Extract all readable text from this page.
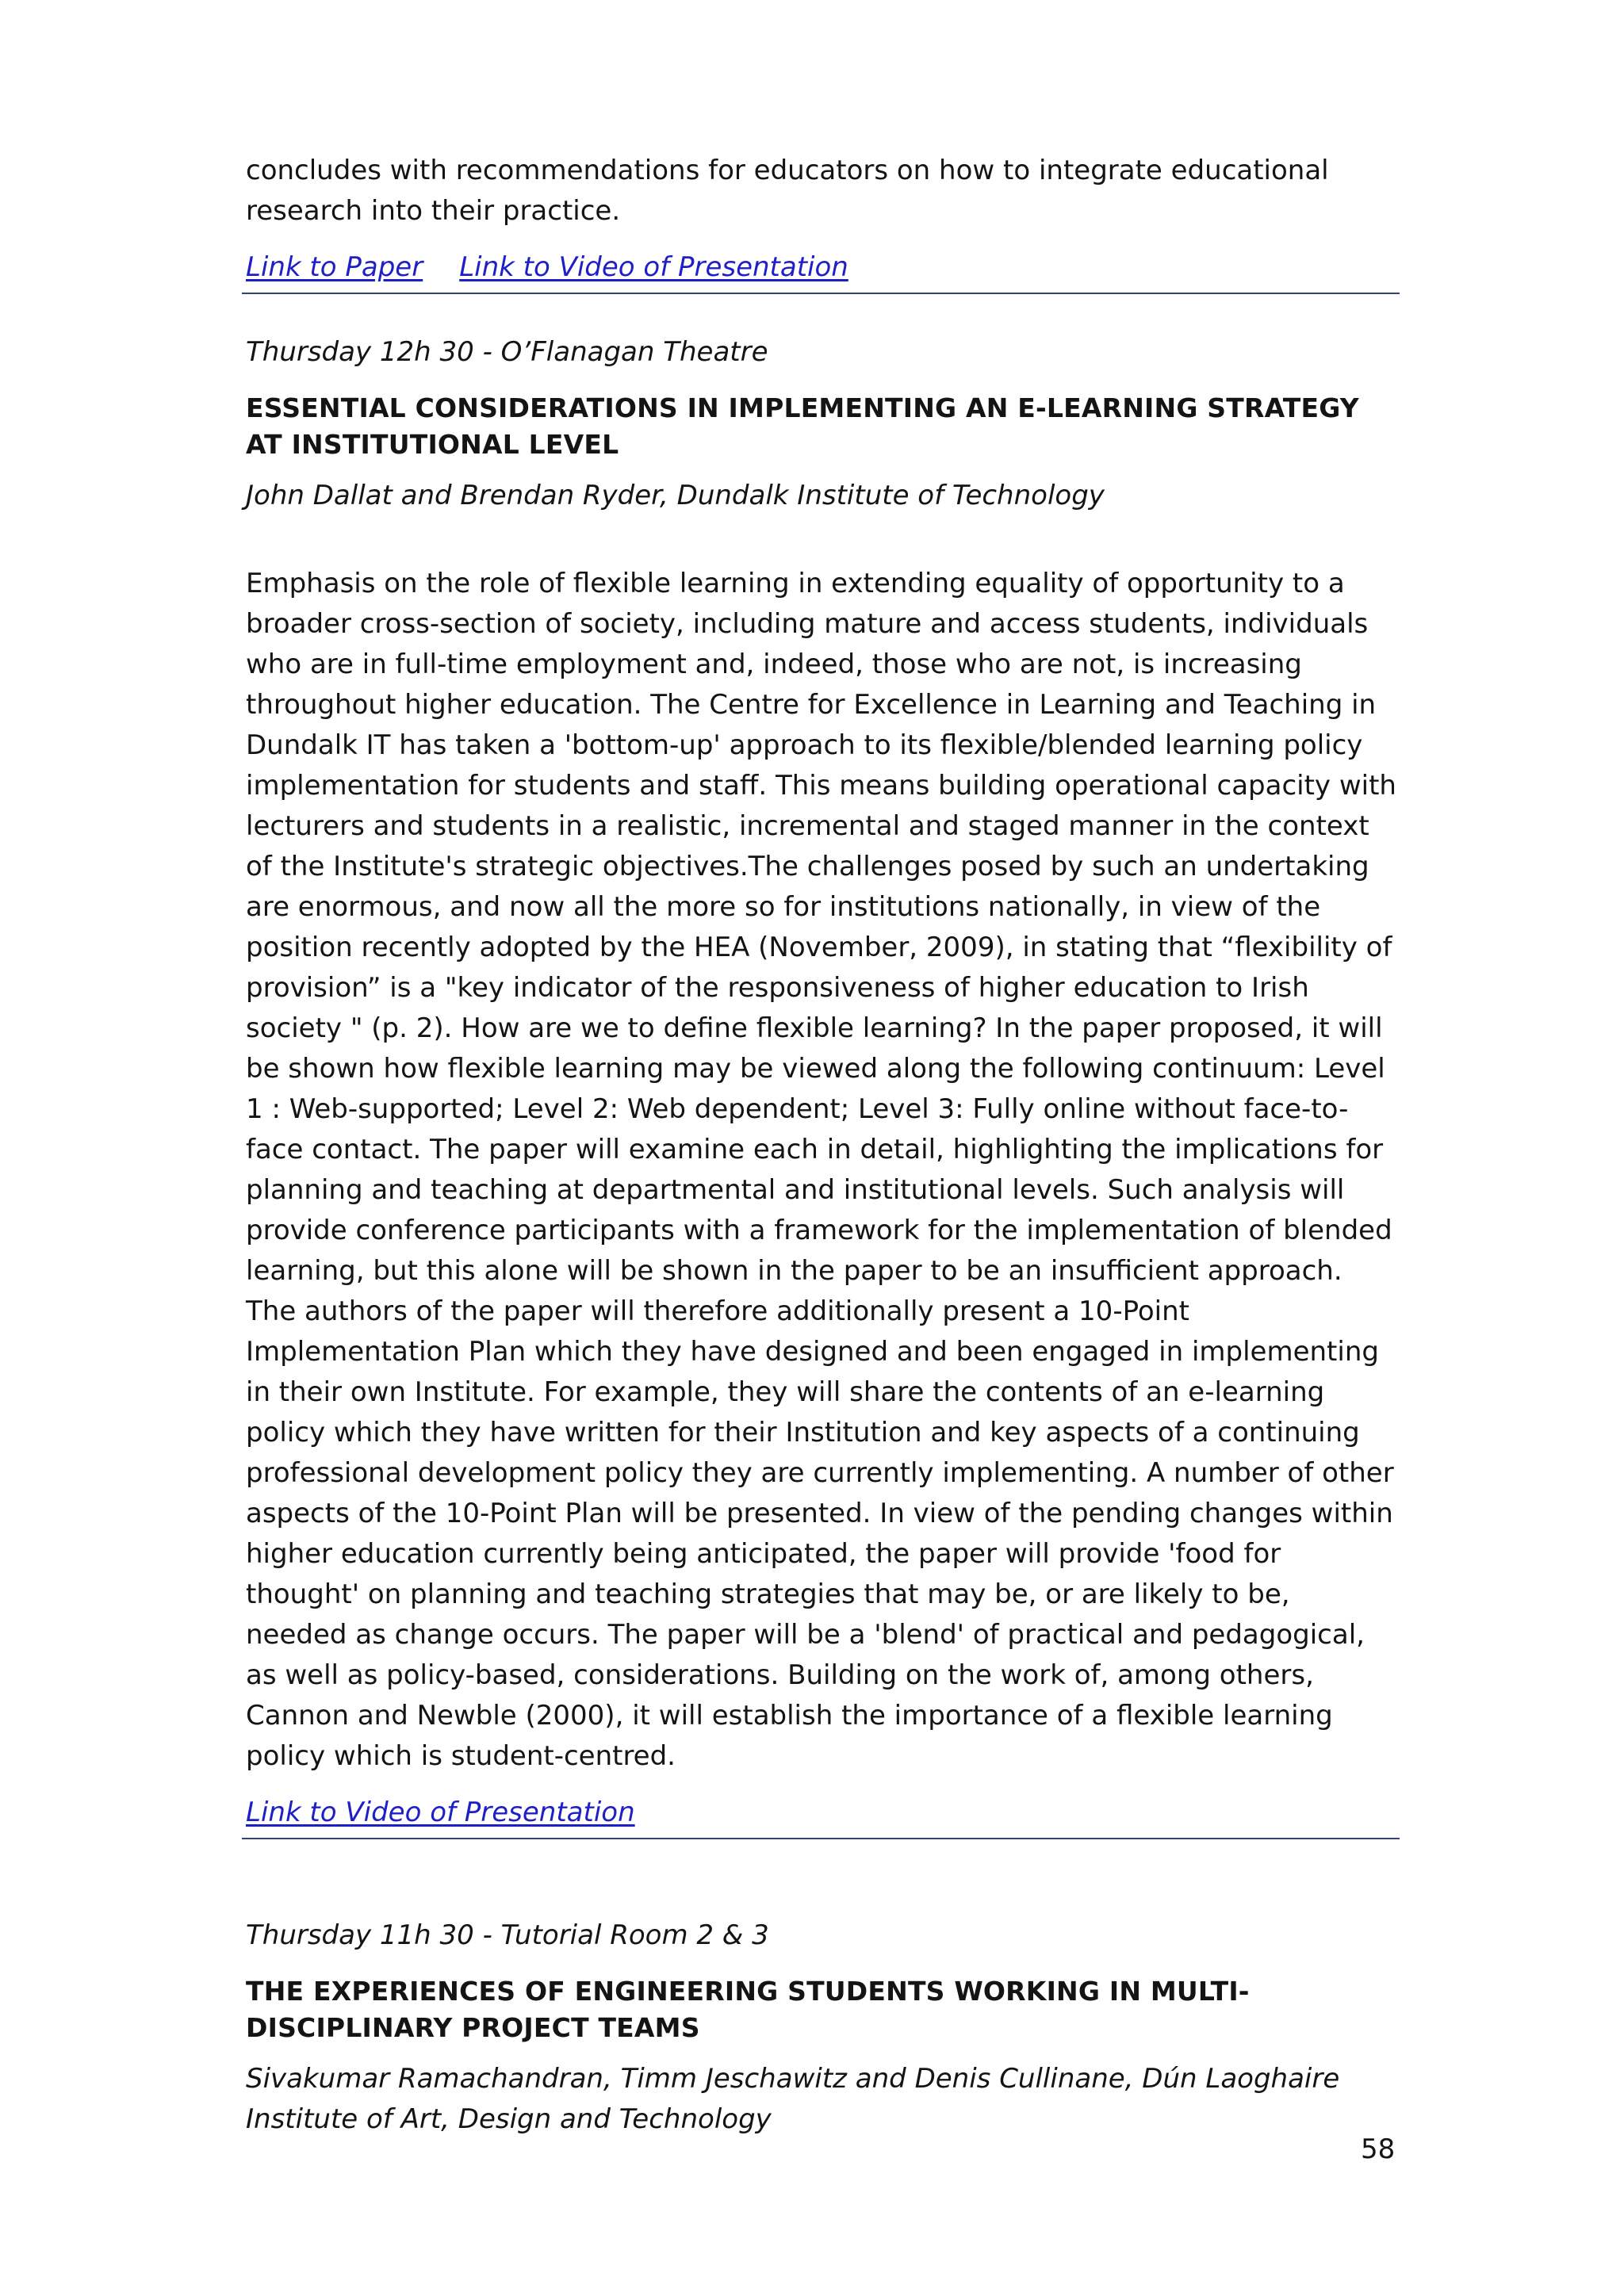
concludes with recommendations for educators on how to integrate educational research into their practice.

Link to Paper Link to Video of Presentation

Thursday 12h 30 - O’Flanagan Theatre

ESSENTIAL CONSIDERATIONS IN IMPLEMENTING AN E-LEARNING STRATEGY AT INSTITUTIONAL LEVEL

John Dallat and Brendan Ryder, Dundalk Institute of Technology

Emphasis on the role of flexible learning in extending equality of opportunity to a broader cross-section of society, including mature and access students, individuals who are in full-time employment and, indeed, those who are not, is increasing throughout higher education. The Centre for Excellence in Learning and Teaching in Dundalk IT has taken a 'bottom-up' approach to its flexible/blended learning policy implementation for students and staff. This means building operational capacity with lecturers and students in a realistic, incremental and staged manner in the context of the Institute's strategic objectives.The challenges posed by such an undertaking are enormous, and now all the more so for institutions nationally, in view of the position recently adopted by the HEA (November, 2009), in stating that “flexibility of provision” is a "key indicator of the responsiveness of higher education to Irish society " (p. 2). How are we to define flexible learning? In the paper proposed, it will be shown how flexible learning may be viewed along the following continuum: Level 1 : Web-supported; Level 2: Web dependent; Level 3: Fully online without face-to-face contact. The paper will examine each in detail, highlighting the implications for planning and teaching at departmental and institutional levels. Such analysis will provide conference participants with a framework for the implementation of blended learning, but this alone will be shown in the paper to be an insufficient approach. The authors of the paper will therefore additionally present a 10-Point Implementation Plan which they have designed and been engaged in implementing in their own Institute. For example, they will share the contents of an e-learning policy which they have written for their Institution and key aspects of a continuing professional development policy they are currently implementing. A number of other aspects of the 10-Point Plan will be presented. In view of the pending changes within higher education currently being anticipated, the paper will provide 'food for thought' on planning and teaching strategies that may be, or are likely to be, needed as change occurs. The paper will be a 'blend' of practical and pedagogical, as well as policy-based, considerations. Building on the work of, among others, Cannon and Newble (2000), it will establish the importance of a flexible learning policy which is student-centred.

Link to Video of Presentation

Thursday 11h 30 - Tutorial Room 2 & 3

THE EXPERIENCES OF ENGINEERING STUDENTS WORKING IN MULTI-DISCIPLINARY PROJECT TEAMS

Sivakumar Ramachandran, Timm Jeschawitz and Denis Cullinane, Dún Laoghaire Institute of Art, Design and Technology

58
